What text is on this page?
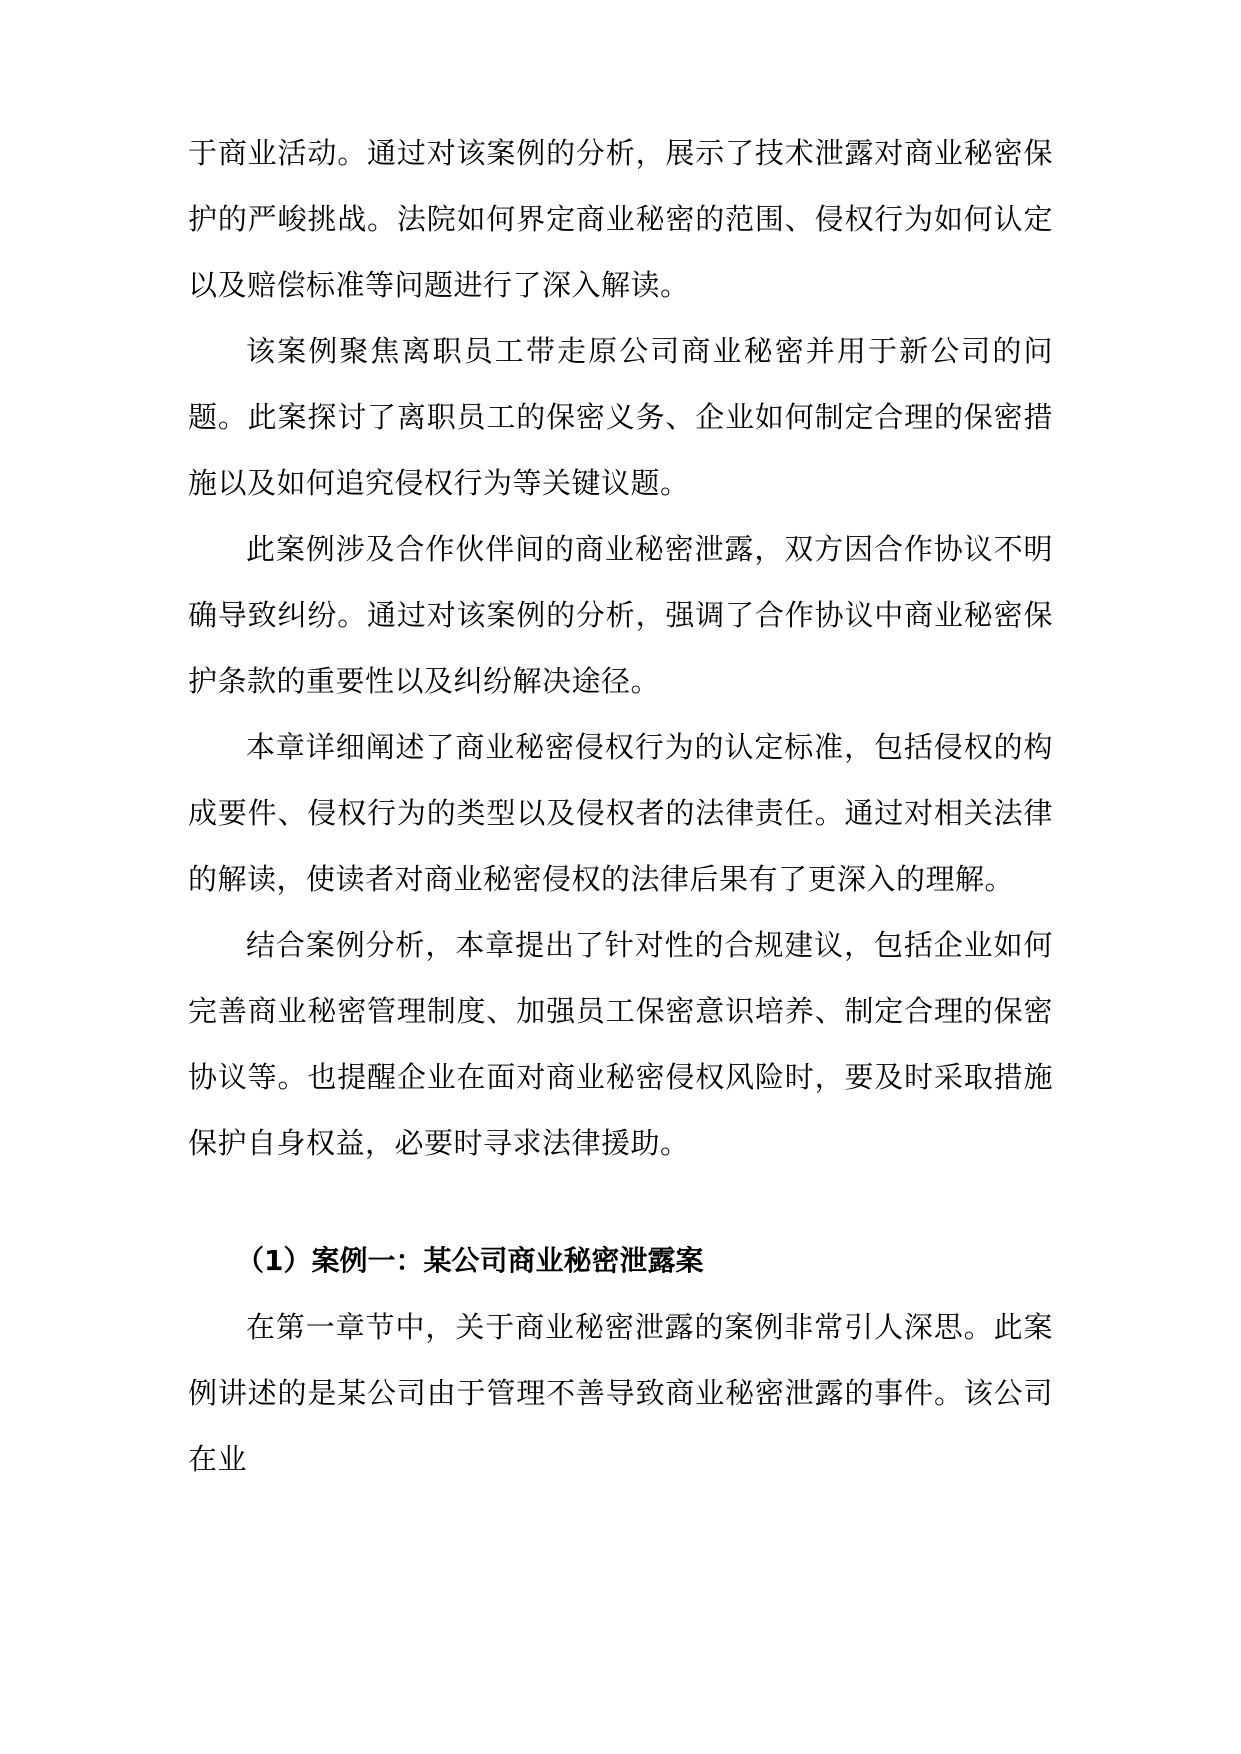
于商业活动。通过对该案例的分析，展示了技术泄露对商业秘密保护的严峻挑战。法院如何界定商业秘密的范围、侵权行为如何认定以及赔偿标准等问题进行了深入解读。

该案例聚焦离职员工带走原公司商业秘密并用于新公司的问题。此案探讨了离职员工的保密义务、企业如何制定合理的保密措施以及如何追究侵权行为等关键议题。

此案例涉及合作伙伴间的商业秘密泄露，双方因合作协议不明确导致纠纷。通过对该案例的分析，强调了合作协议中商业秘密保护条款的重要性以及纠纷解决途径。

本章详细阐述了商业秘密侵权行为的认定标准，包括侵权的构成要件、侵权行为的类型以及侵权者的法律责任。通过对相关法律的解读，使读者对商业秘密侵权的法律后果有了更深入的理解。

结合案例分析，本章提出了针对性的合规建议，包括企业如何完善商业秘密管理制度、加强员工保密意识培养、制定合理的保密协议等。也提醒企业在面对商业秘密侵权风险时，要及时采取措施保护自身权益，必要时寻求法律援助。

（1）案例一：某公司商业秘密泄露案

在第一章节中，关于商业秘密泄露的案例非常引人深思。此案例讲述的是某公司由于管理不善导致商业秘密泄露的事件。该公司在业
